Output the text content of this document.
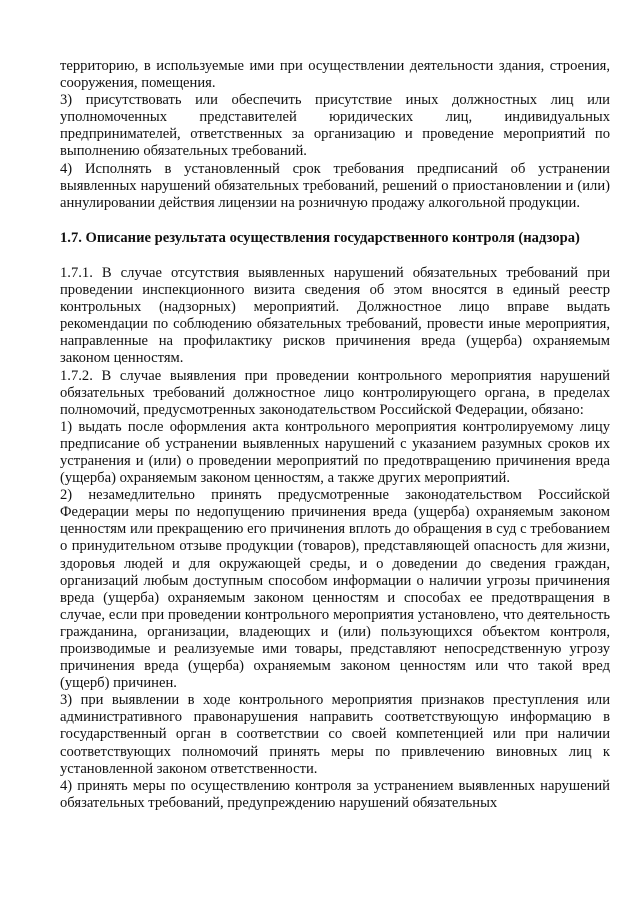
территорию, в используемые ими при осуществлении деятельности здания, строения, сооружения, помещения.

3) присутствовать или обеспечить присутствие иных должностных лиц или уполномоченных представителей юридических лиц, индивидуальных предпринимателей, ответственных за организацию и проведение мероприятий по выполнению обязательных требований.

4) Исполнять в установленный срок требования предписаний об устранении выявленных нарушений обязательных требований, решений о приостановлении и (или) аннулировании действия лицензии на розничную продажу алкогольной продукции.

1.7. Описание результата осуществления государственного контроля (надзора)

1.7.1. В случае отсутствия выявленных нарушений обязательных требований при проведении инспекционного визита сведения об этом вносятся в единый реестр контрольных (надзорных) мероприятий. Должностное лицо вправе выдать рекомендации по соблюдению обязательных требований, провести иные мероприятия, направленные на профилактику рисков причинения вреда (ущерба) охраняемым законом ценностям.

1.7.2. В случае выявления при проведении контрольного мероприятия нарушений обязательных требований должностное лицо контролирующего органа, в пределах полномочий, предусмотренных законодательством Российской Федерации, обязано:

1) выдать после оформления акта контрольного мероприятия контролируемому лицу предписание об устранении выявленных нарушений с указанием разумных сроков их устранения и (или) о проведении мероприятий по предотвращению причинения вреда (ущерба) охраняемым законом ценностям, а также других мероприятий.

2) незамедлительно принять предусмотренные законодательством Российской Федерации меры по недопущению причинения вреда (ущерба) охраняемым законом ценностям или прекращению его причинения вплоть до обращения в суд с требованием о принудительном отзыве продукции (товаров), представляющей опасность для жизни, здоровья людей и для окружающей среды, и о доведении до сведения граждан, организаций любым доступным способом информации о наличии угрозы причинения вреда (ущерба) охраняемым законом ценностям и способах ее предотвращения в случае, если при проведении контрольного мероприятия установлено, что деятельность гражданина, организации, владеющих и (или) пользующихся объектом контроля, производимые и реализуемые ими товары, представляют непосредственную угрозу причинения вреда (ущерба) охраняемым законом ценностям или что такой вред (ущерб) причинен.

3) при выявлении в ходе контрольного мероприятия признаков преступления или административного правонарушения направить соответствующую информацию в государственный орган в соответствии со своей компетенцией или при наличии соответствующих полномочий принять меры по привлечению виновных лиц к установленной законом ответственности.

4) принять меры по осуществлению контроля за устранением выявленных нарушений обязательных требований, предупреждению нарушений обязательных
